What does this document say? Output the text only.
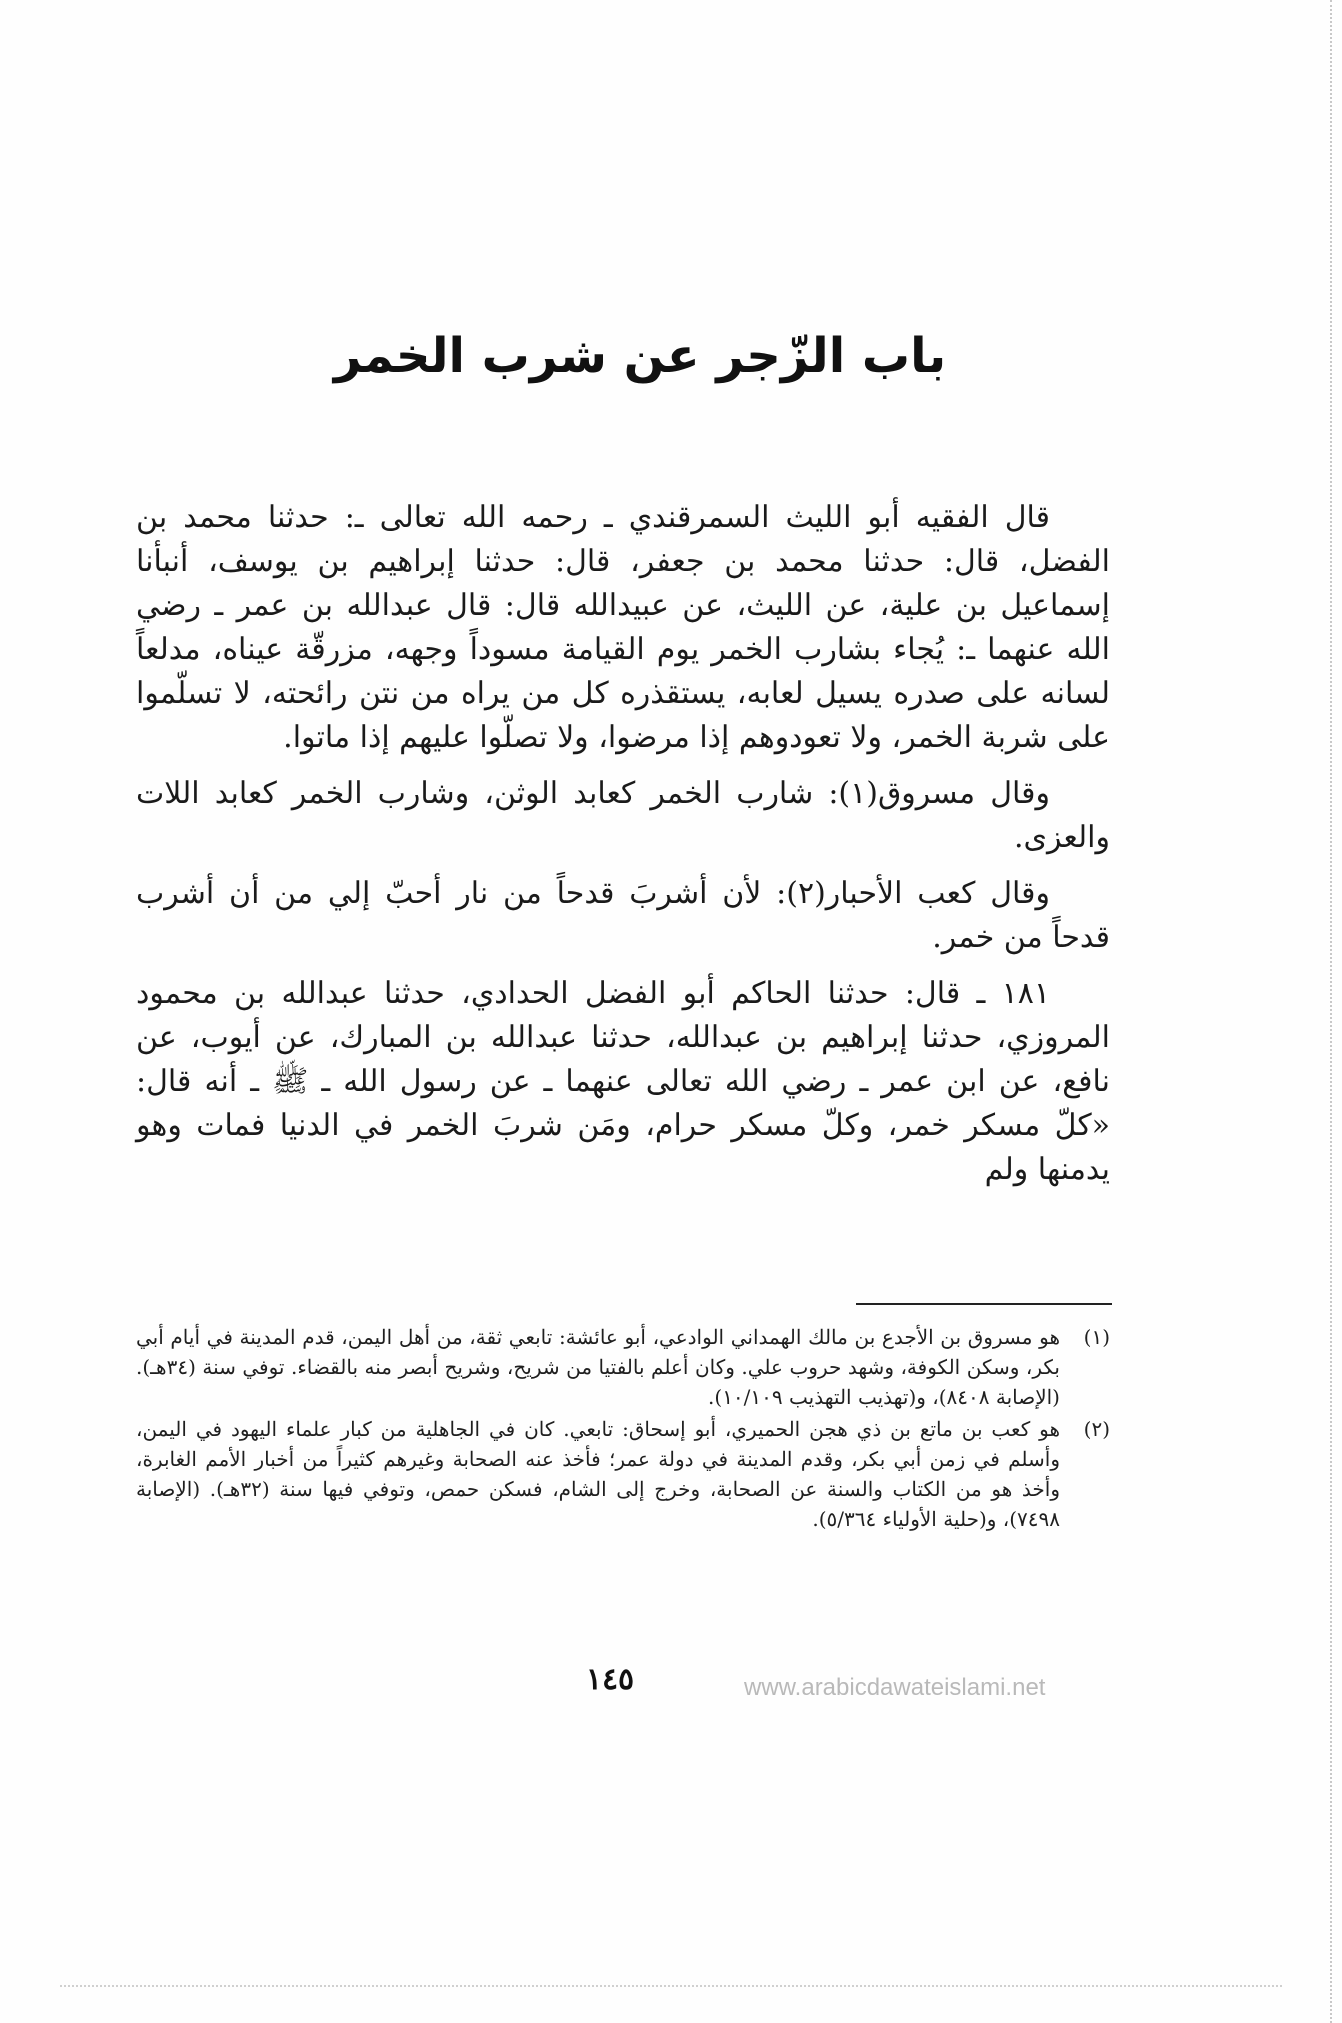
باب الزّجر عن شرب الخمر

قال الفقيه أبو الليث السمرقندي ـ رحمه الله تعالى ـ: حدثنا محمد بن الفضل، قال: حدثنا محمد بن جعفر، قال: حدثنا إبراهيم بن يوسف، أنبأنا إسماعيل بن علية، عن الليث، عن عبيدالله قال: قال عبدالله بن عمر ـ رضي الله عنهما ـ: يُجاء بشارب الخمر يوم القيامة مسوداً وجهه، مزرقّة عيناه، مدلعاً لسانه على صدره يسيل لعابه، يستقذره كل من يراه من نتن رائحته، لا تسلّموا على شربة الخمر، ولا تعودوهم إذا مرضوا، ولا تصلّوا عليهم إذا ماتوا.

وقال مسروق(١): شارب الخمر كعابد الوثن، وشارب الخمر كعابد اللات والعزى.

وقال كعب الأحبار(٢): لأن أشربَ قدحاً من نار أحبّ إلي من أن أشرب قدحاً من خمر.

١٨١ ـ قال: حدثنا الحاكم أبو الفضل الحدادي، حدثنا عبدالله بن محمود المروزي، حدثنا إبراهيم بن عبدالله، حدثنا عبدالله بن المبارك، عن أيوب، عن نافع، عن ابن عمر ـ رضي الله تعالى عنهما ـ عن رسول الله ـ ﷺ ـ أنه قال: «كلّ مسكر خمر، وكلّ مسكر حرام، ومَن شربَ الخمر في الدنيا فمات وهو يدمنها ولم

(١)
هو مسروق بن الأجدع بن مالك الهمداني الوادعي، أبو عائشة: تابعي ثقة، من أهل اليمن، قدم المدينة في أيام أبي بكر، وسكن الكوفة، وشهد حروب علي. وكان أعلم بالفتيا من شريح، وشريح أبصر منه بالقضاء. توفي سنة (٣٤هـ). (الإصابة ٨٤٠٨)، و(تهذيب التهذيب ١٠/١٠٩).
(٢)
هو كعب بن ماتع بن ذي هجن الحميري، أبو إسحاق: تابعي. كان في الجاهلية من كبار علماء اليهود في اليمن، وأسلم في زمن أبي بكر، وقدم المدينة في دولة عمر؛ فأخذ عنه الصحابة وغيرهم كثيراً من أخبار الأمم الغابرة، وأخذ هو من الكتاب والسنة عن الصحابة، وخرج إلى الشام، فسكن حمص، وتوفي فيها سنة (٣٢هـ). (الإصابة ٧٤٩٨)، و(حلية الأولياء ٥/٣٦٤).
١٤٥	www.arabicdawateislami.net
